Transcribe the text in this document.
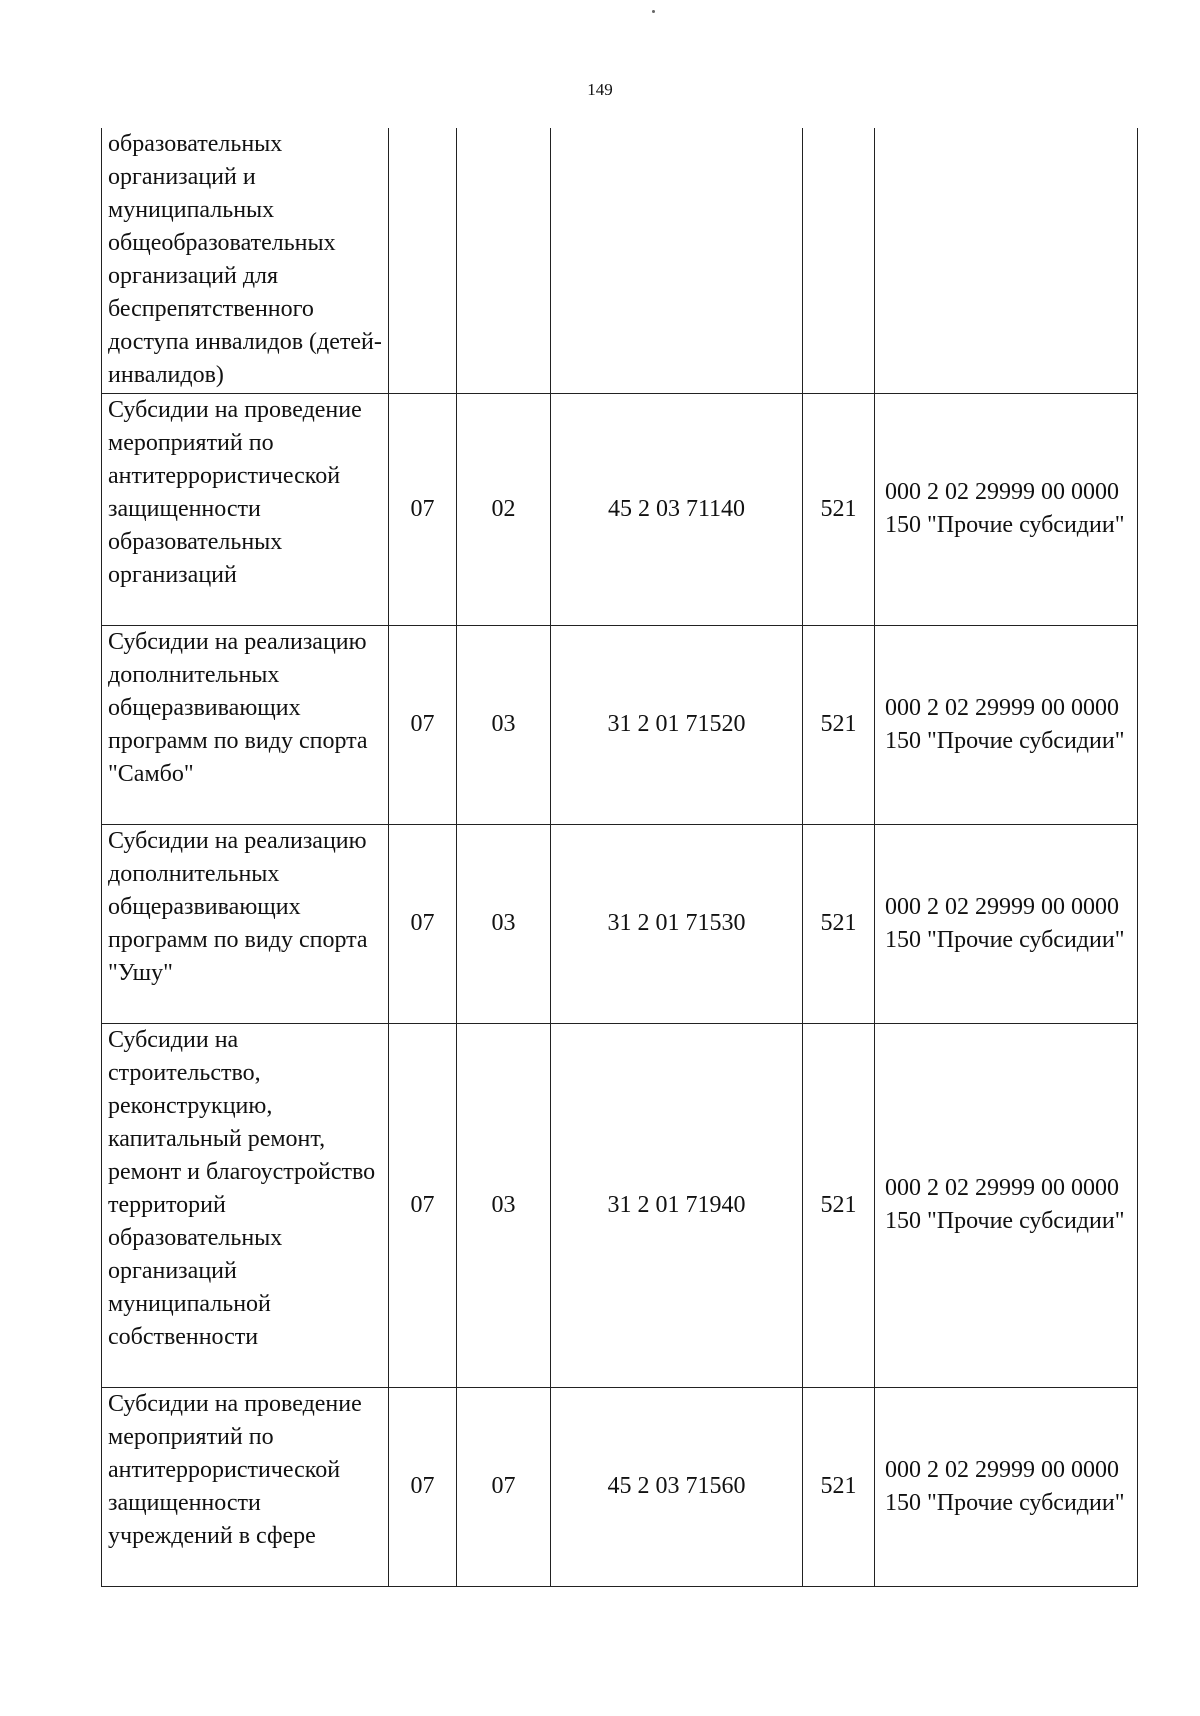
149
образовательных организаций и муниципальных общеобразовательных организаций для беспрепятственного доступа инвалидов (детей-инвалидов)					
Субсидии на проведение мероприятий по антитеррористической защищенности образовательных организаций	07	02	45 2 03 71140	521	000 2 02 29999 00 0000 150 "Прочие субсидии"
Субсидии на реализацию дополнительных общеразвивающих программ по виду спорта "Самбо"	07	03	31 2 01 71520	521	000 2 02 29999 00 0000 150 "Прочие субсидии"
Субсидии на реализацию дополнительных общеразвивающих программ по виду спорта "Ушу"	07	03	31 2 01 71530	521	000 2 02 29999 00 0000 150 "Прочие субсидии"
Субсидии на строительство, реконструкцию, капитальный ремонт, ремонт и благоустройство территорий образовательных организаций муниципальной собственности	07	03	31 2 01 71940	521	000 2 02 29999 00 0000 150 "Прочие субсидии"
Субсидии на проведение мероприятий по антитеррористической защищенности учреждений в сфере	07	07	45 2 03 71560	521	000 2 02 29999 00 0000 150 "Прочие субсидии"
